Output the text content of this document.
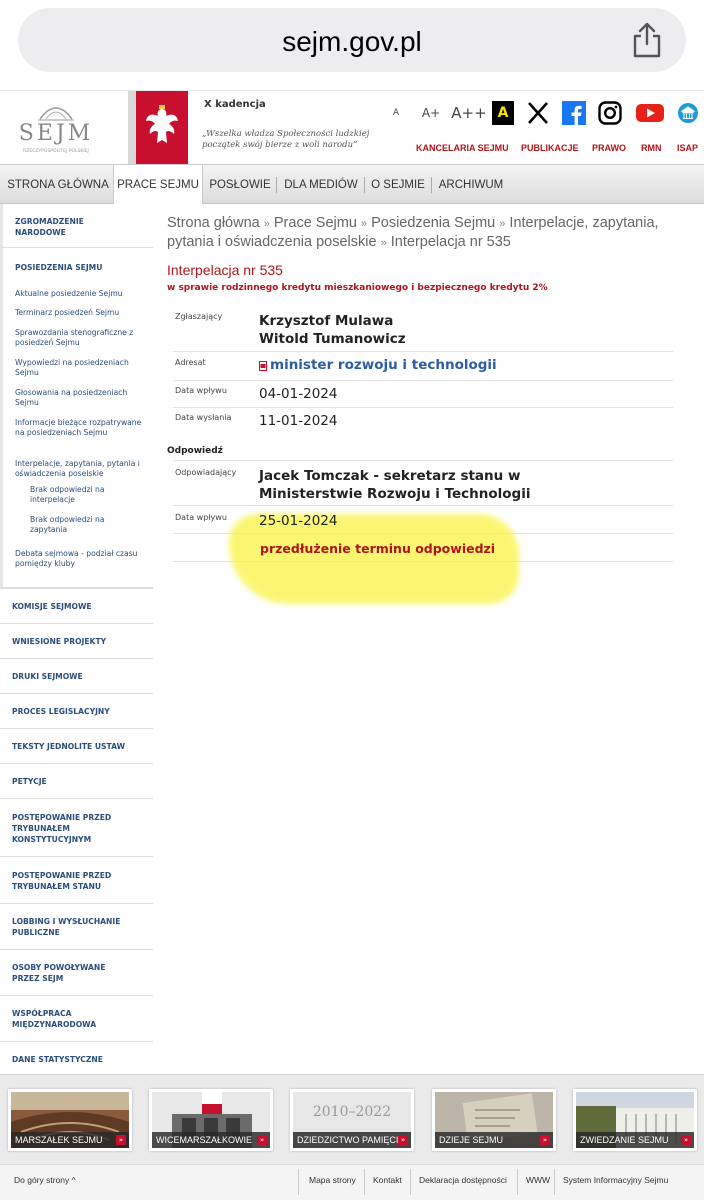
sejm.gov.pl
SEJM
RZECZYPOSPOLITEJ POLSKIEJ
X kadencja
„Wszelka władza Społeczności ludzkiej
początek swój bierze z woli narodu”
A	A+ A++ A
KANCELARIA SEJMU PUBLIKACJE PRAWO RMN ISAP
STRONA GŁÓWNA PRACE SEJMU POSŁOWIE	DLA MEDIÓW	O SEJMIE ARCHIWUM
ZGROMADZENIE NARODOWE
POSIEDZENIA SEJMU
Aktualne posiedzenie Sejmu
Terminarz posiedzeń Sejmu
Sprawozdania stenograficzne z posiedzeń Sejmu
Wypowiedzi na posiedzeniach Sejmu
Głosowania na posiedzeniach Sejmu
Informacje bieżące rozpatrywane na posiedzeniach Sejmu
Interpelacje, zapytania, pytania i oświadczenia poselskie
Brak odpowiedzi na interpelacje
Brak odpowiedzi na zapytania
Debata sejmowa - podział czasu pomiędzy kluby
KOMISJE SEJMOWE
WNIESIONE PROJEKTY
DRUKI SEJMOWE
PROCES LEGISLACYJNY
TEKSTY JEDNOLITE USTAW
PETYCJE
POSTĘPOWANIE PRZED TRYBUNAŁEM KONSTYTUCYJNYM
POSTĘPOWANIE PRZED TRYBUNAŁEM STANU
LOBBING I WYSŁUCHANIE PUBLICZNE
OSOBY POWOŁYWANE PRZEZ SEJM
WSPÓŁPRACA MIĘDZYNARODOWA
DANE STATYSTYCZNE
Strona główna » Prace Sejmu » Posiedzenia Sejmu » Interpelacje, zapytania, pytania i oświadczenia poselskie » Interpelacja nr 535
Interpelacja nr 535
w sprawie rodzinnego kredytu mieszkaniowego i bezpiecznego kredytu 2%
Zgłaszający	Krzysztof Mulawa
Witold Tumanowicz
Adresat	minister rozwoju i technologii
Data wpływu 04-01-2024
Data wysłania 11-01-2024
Odpowiedź
Odpowiadający Jacek Tomczak - sekretarz stanu w
Ministerstwie Rozwoju i Technologii
Data wpływu 25-01-2024
przedłużenie terminu odpowiedzi
MARSZAŁEK SEJMU	»	WICEMARSZAŁKOWIE	»
2010–2022
DZIEDZICTWO PAMIĘCI »	DZIEJE SEJMU	»	ZWIEDZANIE SEJMU	»
Do góry strony ^	Mapa strony Kontakt Deklaracja dostępności WWW System Informacyjny Sejmu
